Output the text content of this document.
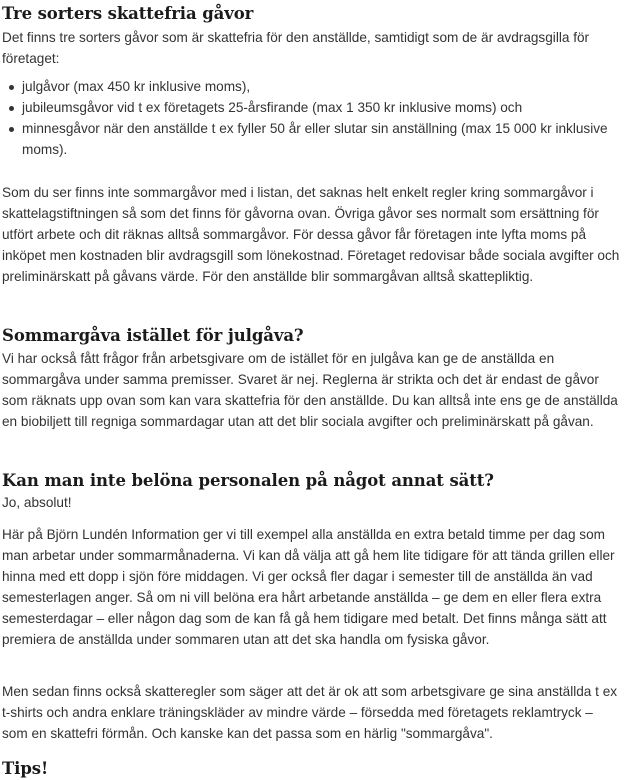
Tre sorters skattefria gåvor

Det finns tre sorters gåvor som är skattefria för den anställde, samtidigt som de är avdragsgilla för företaget:

julgåvor (max 450 kr inklusive moms),
jubileumsgåvor vid t ex företagets 25-årsfirande (max 1 350 kr inklusive moms) och
minnesgåvor när den anställde t ex fyller 50 år eller slutar sin anställning (max 15 000 kr inklusive moms).

Som du ser finns inte sommargåvor med i listan, det saknas helt enkelt regler kring sommargåvor i skattelagstiftningen så som det finns för gåvorna ovan. Övriga gåvor ses normalt som ersättning för utfört arbete och dit räknas alltså sommargåvor. För dessa gåvor får företagen inte lyfta moms på inköpet men kostnaden blir avdragsgill som lönekostnad. Företaget redovisar både sociala avgifter och preliminärskatt på gåvans värde. För den anställde blir sommargåvan alltså skattepliktig.

Sommargåva istället för julgåva?

Vi har också fått frågor från arbetsgivare om de istället för en julgåva kan ge de anställda en sommargåva under samma premisser. Svaret är nej. Reglerna är strikta och det är endast de gåvor som räknats upp ovan som kan vara skattefria för den anställde. Du kan alltså inte ens ge de anställda en biobiljett till regniga sommardagar utan att det blir sociala avgifter och preliminärskatt på gåvan.

Kan man inte belöna personalen på något annat sätt?

Jo, absolut!

Här på Björn Lundén Information ger vi till exempel alla anställda en extra betald timme per dag som man arbetar under sommarmånaderna. Vi kan då välja att gå hem lite tidigare för att tända grillen eller hinna med ett dopp i sjön före middagen. Vi ger också fler dagar i semester till de anställda än vad semesterlagen anger. Så om ni vill belöna era hårt arbetande anställda – ge dem en eller flera extra semesterdagar – eller någon dag som de kan få gå hem tidigare med betalt. Det finns många sätt att premiera de anställda under sommaren utan att det ska handla om fysiska gåvor.

Men sedan finns också skatteregler som säger att det är ok att som arbetsgivare ge sina anställda t ex t-shirts och andra enklare träningskläder av mindre värde – försedda med företagets reklamtryck – som en skattefri förmån. Och kanske kan det passa som en härlig "sommargåva".

Tips!
